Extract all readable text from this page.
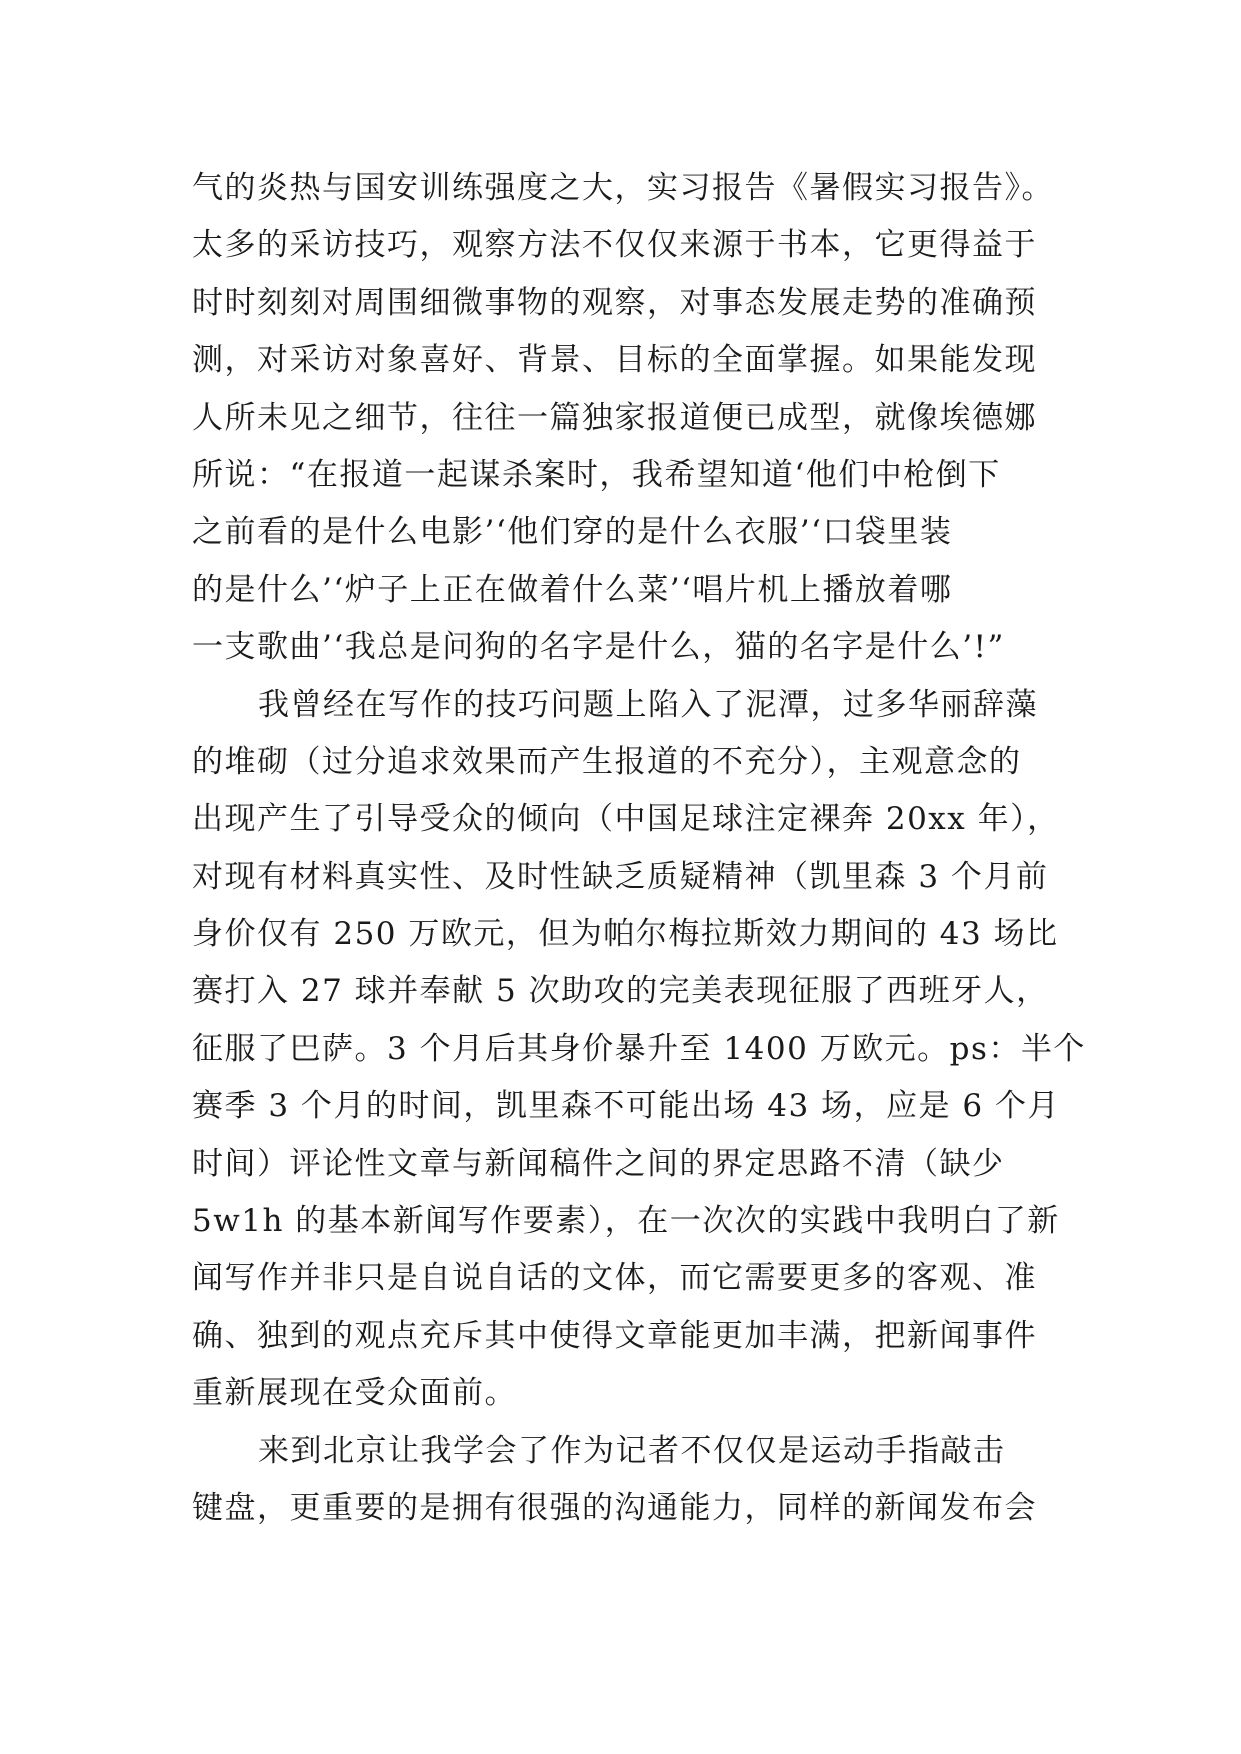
气的炎热与国安训练强度之大，实习报告《暑假实习报告》。
太多的采访技巧，观察方法不仅仅来源于书本，它更得益于
时时刻刻对周围细微事物的观察，对事态发展走势的准确预
测，对采访对象喜好、背景、目标的全面掌握。如果能发现
人所未见之细节，往往一篇独家报道便已成型，就像埃德娜
所说：“在报道一起谋杀案时，我希望知道‘他们中枪倒下
之前看的是什么电影’‘他们穿的是什么衣服’‘口袋里装
的是什么’‘炉子上正在做着什么菜’‘唱片机上播放着哪
一支歌曲’‘我总是问狗的名字是什么，猫的名字是什么’!”
我曾经在写作的技巧问题上陷入了泥潭，过多华丽辞藻
的堆砌（过分追求效果而产生报道的不充分），主观意念的
出现产生了引导受众的倾向（中国足球注定裸奔 20xx 年），
对现有材料真实性、及时性缺乏质疑精神（凯里森 3 个月前
身价仅有 250 万欧元，但为帕尔梅拉斯效力期间的 43 场比
赛打入 27 球并奉献 5 次助攻的完美表现征服了西班牙人，
征服了巴萨。3 个月后其身价暴升至 1400 万欧元。ps：半个
赛季 3 个月的时间，凯里森不可能出场 43 场，应是 6 个月
时间）评论性文章与新闻稿件之间的界定思路不清（缺少
5w1h 的基本新闻写作要素），在一次次的实践中我明白了新
闻写作并非只是自说自话的文体，而它需要更多的客观、准
确、独到的观点充斥其中使得文章能更加丰满，把新闻事件
重新展现在受众面前。
来到北京让我学会了作为记者不仅仅是运动手指敲击
键盘，更重要的是拥有很强的沟通能力，同样的新闻发布会
